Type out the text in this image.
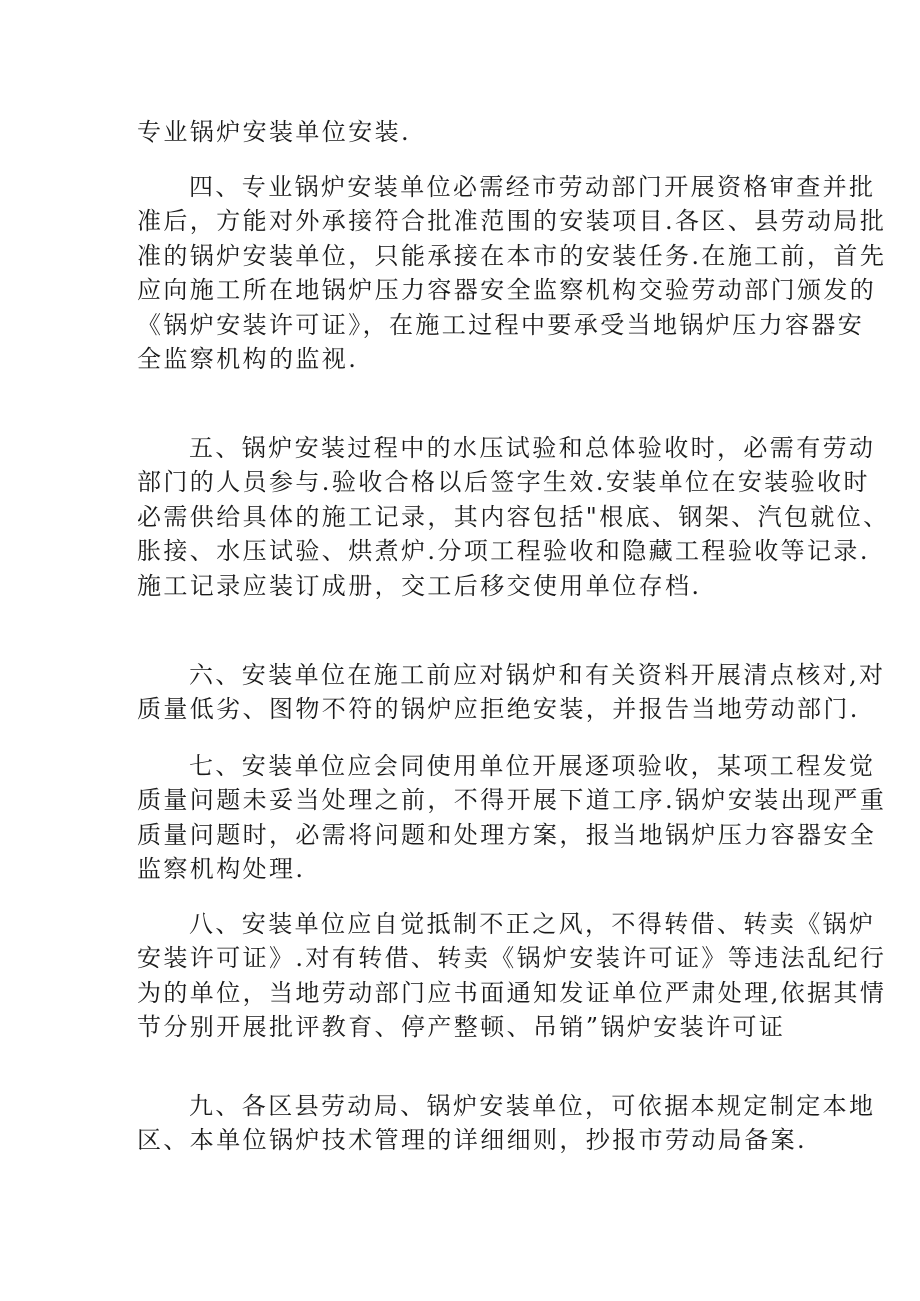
专业锅炉安装单位安装.
四、专业锅炉安装单位必需经市劳动部门开展资格审查并批
准后，方能对外承接符合批准范围的安装项目.各区、县劳动局批
准的锅炉安装单位，只能承接在本市的安装任务.在施工前，首先
应向施工所在地锅炉压力容器安全监察机构交验劳动部门颁发的
《锅炉安装许可证》，在施工过程中要承受当地锅炉压力容器安
全监察机构的监视.
五、锅炉安装过程中的水压试验和总体验收时，必需有劳动
部门的人员参与.验收合格以后签字生效.安装单位在安装验收时
必需供给具体的施工记录，其内容包括"根底、钢架、汽包就位、
胀接、水压试验、烘煮炉.分项工程验收和隐藏工程验收等记录.
施工记录应装订成册，交工后移交使用单位存档.
六、安装单位在施工前应对锅炉和有关资料开展清点核对,对
质量低劣、图物不符的锅炉应拒绝安装，并报告当地劳动部门.
七、安装单位应会同使用单位开展逐项验收，某项工程发觉
质量问题未妥当处理之前，不得开展下道工序.锅炉安装出现严重
质量问题时，必需将问题和处理方案，报当地锅炉压力容器安全
监察机构处理.
八、安装单位应自觉抵制不正之风，不得转借、转卖《锅炉
安装许可证》.对有转借、转卖《锅炉安装许可证》等违法乱纪行
为的单位，当地劳动部门应书面通知发证单位严肃处理,依据其情
节分别开展批评教育、停产整顿、吊销”锅炉安装许可证
九、各区县劳动局、锅炉安装单位，可依据本规定制定本地
区、本单位锅炉技术管理的详细细则，抄报市劳动局备案.
